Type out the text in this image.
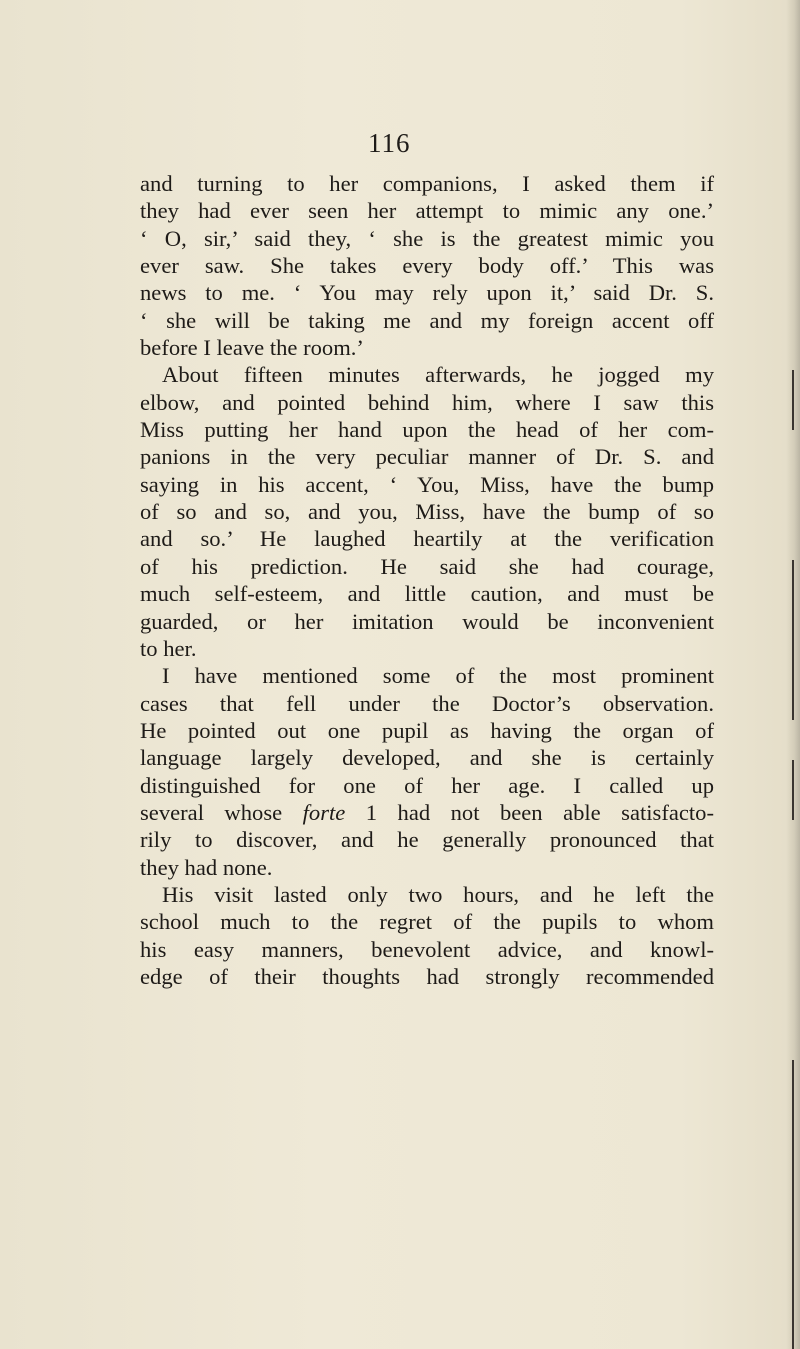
116
and turning to her companions, I asked them if
they had ever seen her attempt to mimic any one.’
‘ O, sir,’ said they, ‘ she is the greatest mimic you
ever saw. She takes every body off.’ This was
news to me. ‘ You may rely upon it,’ said Dr. S.
‘ she will be taking me and my foreign accent off
before I leave the room.’
About fifteen minutes afterwards, he jogged my
elbow, and pointed behind him, where I saw this
Miss putting her hand upon the head of her com-
panions in the very peculiar manner of Dr. S. and
saying in his accent, ‘ You, Miss, have the bump
of so and so, and you, Miss, have the bump of so
and so.’ He laughed heartily at the verification
of his prediction. He said she had courage,
much self-esteem, and little caution, and must be
guarded, or her imitation would be inconvenient
to her.
I have mentioned some of the most prominent
cases that fell under the Doctor’s observation.
He pointed out one pupil as having the organ of
language largely developed, and she is certainly
distinguished for one of her age. I called up
several whose forte 1 had not been able satisfacto-
rily to discover, and he generally pronounced that
they had none.
His visit lasted only two hours, and he left the
school much to the regret of the pupils to whom
his easy manners, benevolent advice, and knowl-
edge of their thoughts had strongly recommended
